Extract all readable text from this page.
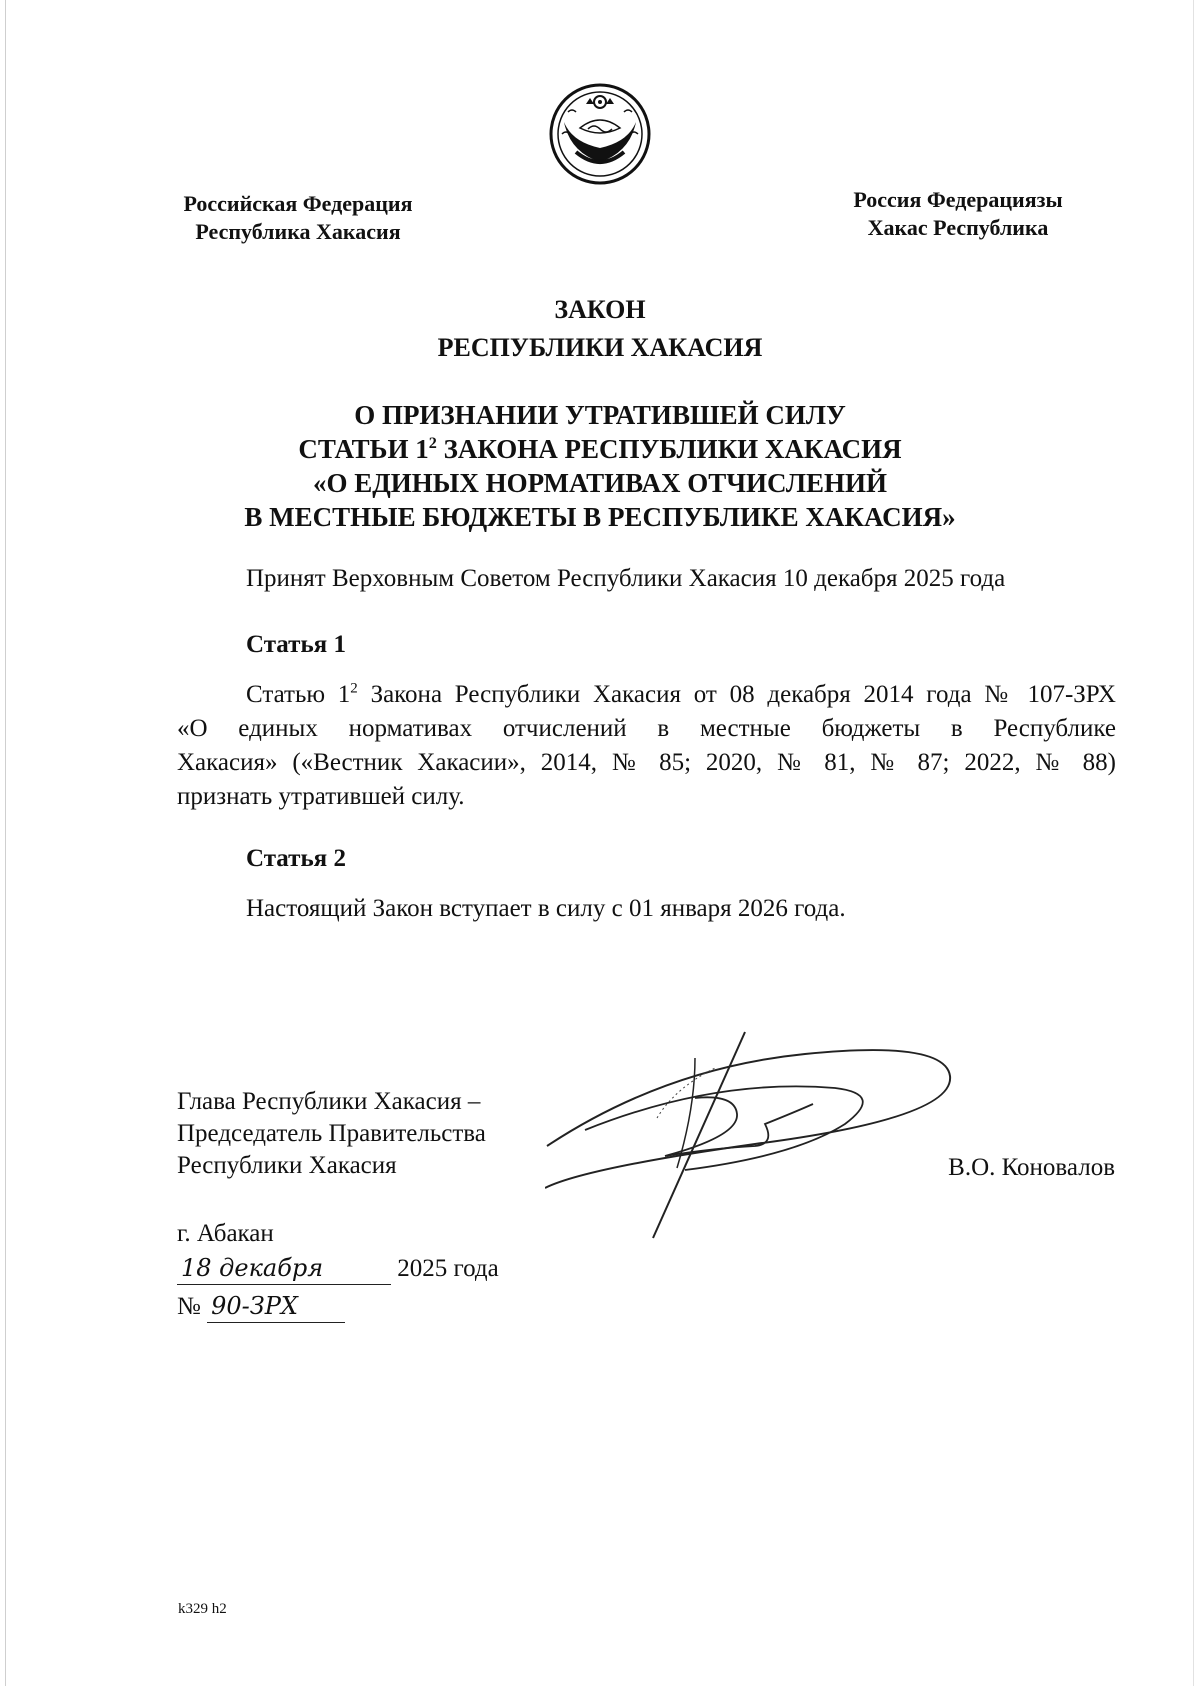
Российская Федерация
Республика Хакасия
Россия Федерациязы
Хакас Республика
ЗАКОН
РЕСПУБЛИКИ ХАКАСИЯ
О ПРИЗНАНИИ УТРАТИВШЕЙ СИЛУ
СТАТЬИ $1^2$ ЗАКОНА РЕСПУБЛИКИ ХАКАСИЯ
«О ЕДИНЫХ НОРМАТИВАХ ОТЧИСЛЕНИЙ
В МЕСТНЫЕ БЮДЖЕТЫ В РЕСПУБЛИКЕ ХАКАСИЯ»
Принят Верховным Советом Республики Хакасия 10 декабря 2025 года
Статья 1
Статью $1^2$ Закона Республики Хакасия от 08 декабря 2014 года № 107-ЗРХ
«О единых нормативах отчислений в местные бюджеты в Республике
Хакасия» («Вестник Хакасии», 2014, № 85; 2020, № 81, № 87; 2022, № 88)
признать утратившей силу.
Статья 2
Настоящий Закон вступает в силу с 01 января 2026 года.
Глава Республики Хакасия –
Председатель Правительства
Республики Хакасия	В.О. Коновалов
г. Абакан
18 декабря	2025 года
№ 90-ЗРХ
k329 h2
